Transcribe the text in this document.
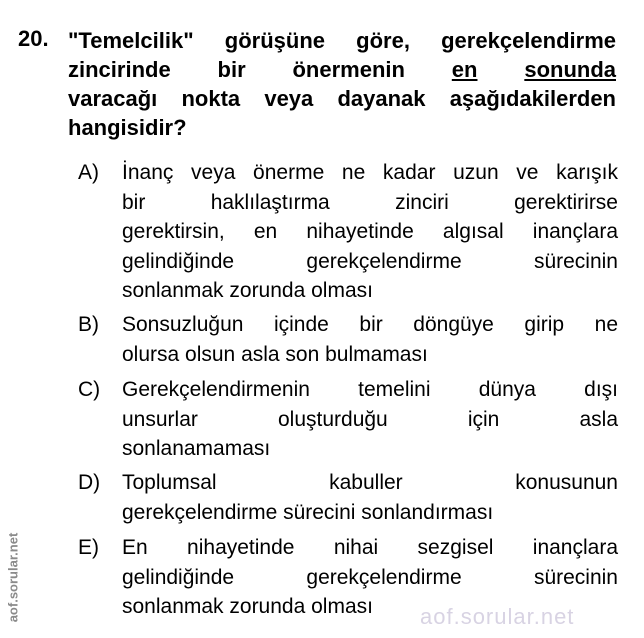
aof.sorular.net
aof.sorular.net
20. "Temelcilik" görüşüne göre, gerekçelendirme
zincirinde bir önermenin en sonunda
varacağı nokta veya dayanak aşağıdakilerden
hangisidir?
A) İnanç veya önerme ne kadar uzun ve karışık
bir haklılaştırma zinciri gerektirirse
gerektirsin, en nihayetinde algısal inançlara
gelindiğinde gerekçelendirme sürecinin
sonlanmak zorunda olması
B) Sonsuzluğun içinde bir döngüye girip ne
olursa olsun asla son bulmaması
C) Gerekçelendirmenin temelini dünya dışı
unsurlar oluşturduğu için asla
sonlanamaması
D) Toplumsal kabuller konusunun
gerekçelendirme sürecini sonlandırması
E) En nihayetinde nihai sezgisel inançlara
gelindiğinde gerekçelendirme sürecinin
sonlanmak zorunda olması
